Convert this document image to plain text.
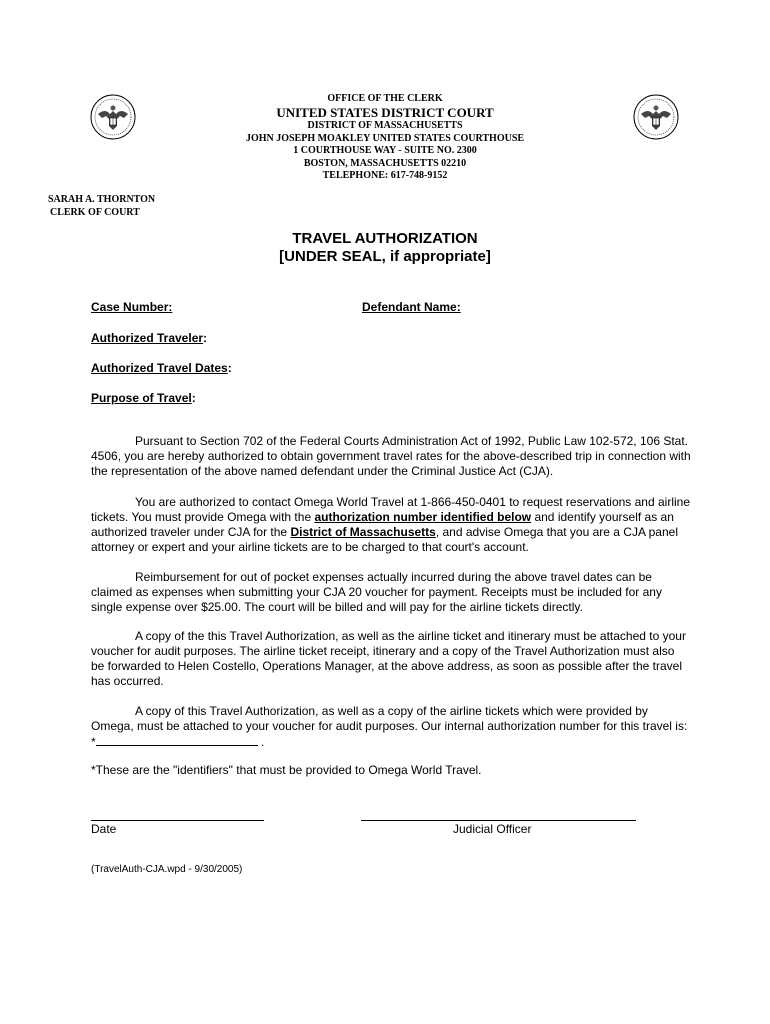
OFFICE OF THE CLERK
UNITED STATES DISTRICT COURT
DISTRICT OF MASSACHUSETTS
JOHN JOSEPH MOAKLEY UNITED STATES COURTHOUSE
1 COURTHOUSE WAY - SUITE NO. 2300
BOSTON, MASSACHUSETTS 02210
TELEPHONE: 617-748-9152
SARAH A. THORNTON
CLERK OF COURT
TRAVEL AUTHORIZATION
[UNDER SEAL, if appropriate]
Case Number:	Defendant Name:
Authorized Traveler:
Authorized Travel Dates:
Purpose of Travel:
Pursuant to Section 702 of the Federal Courts Administration Act of 1992, Public Law 102-572, 106 Stat. 4506, you are hereby authorized to obtain government travel rates for the above-described trip in connection with the representation of the above named defendant under the Criminal Justice Act (CJA).
You are authorized to contact Omega World Travel at 1-866-450-0401 to request reservations and airline tickets. You must provide Omega with the authorization number identified below and identify yourself as an authorized traveler under CJA for the District of Massachusetts, and advise Omega that you are a CJA panel attorney or expert and your airline tickets are to be charged to that court's account.
Reimbursement for out of pocket expenses actually incurred during the above travel dates can be claimed as expenses when submitting your CJA 20 voucher for payment. Receipts must be included for any single expense over $25.00. The court will be billed and will pay for the airline tickets directly.
A copy of the this Travel Authorization, as well as the airline ticket and itinerary must be attached to your voucher for audit purposes. The airline ticket receipt, itinerary and a copy of the Travel Authorization must also be forwarded to Helen Costello, Operations Manager, at the above address, as soon as possible after the travel has occurred.
A copy of this Travel Authorization, as well as a copy of the airline tickets which were provided by Omega, must be attached to your voucher for audit purposes. Our internal authorization number for this travel is: *	.
*These are the "identifiers" that must be provided to Omega World Travel.
Date	Judicial Officer
(TravelAuth-CJA.wpd - 9/30/2005)
